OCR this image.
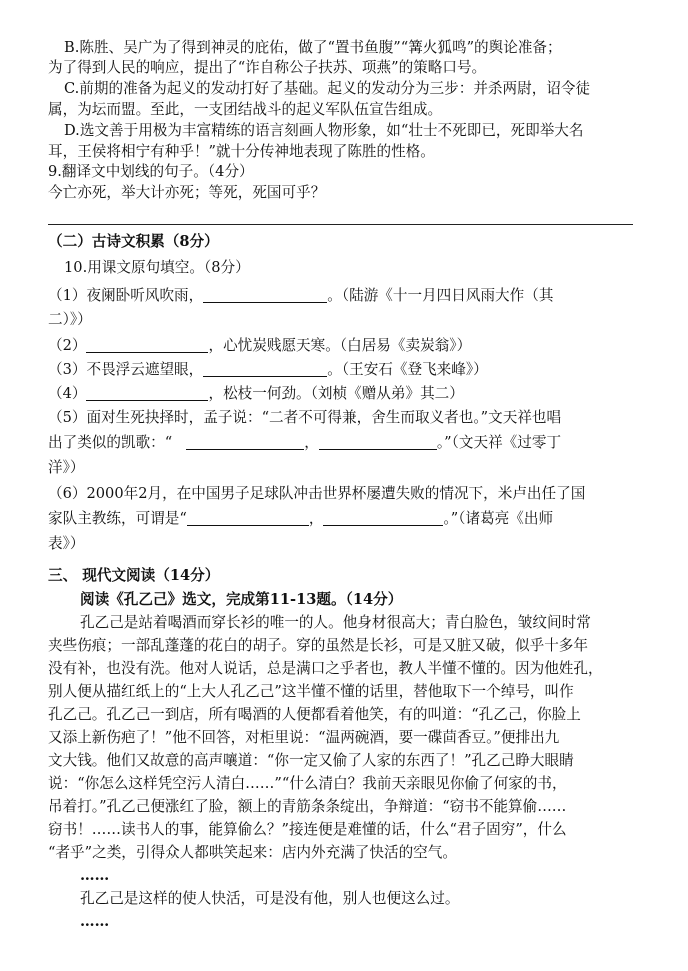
B.陈胜、吴广为了得到神灵的庇佑，做了“置书鱼腹”“篝火狐鸣”的舆论准备；
为了得到人民的响应，提出了“诈自称公子扶苏、项燕”的策略口号。
C.前期的准备为起义的发动打好了基础。起义的发动分为三步：并杀两尉，诏令徒
属，为坛而盟。至此，一支团结战斗的起义军队伍宣告组成。
D.选文善于用极为丰富精练的语言刻画人物形象，如“壮士不死即已，死即举大名
耳，王侯将相宁有种乎！”就十分传神地表现了陈胜的性格。
9.翻译文中划线的句子。（4分）
今亡亦死，举大计亦死；等死，死国可乎？
（二）古诗文积累（8分）
10.用课文原句填空。（8分）
（1）夜阑卧听风吹雨，	。（陆游《十一月四日风雨大作（其
二）》）
（2）	，心忧炭贱愿天寒。（白居易《卖炭翁》）
（3）不畏浮云遮望眼，	。（王安石《登飞来峰》）
（4）	，松枝一何劲。（刘桢《赠从弟》其二）
（5）面对生死抉择时，孟子说：“二者不可得兼，舍生而取义者也。”文天祥也唱
出了类似的凯歌：“	，	。”（文天祥《过零丁
洋》）
（6）2000年2月，在中国男子足球队冲击世界杯屡遭失败的情况下，米卢出任了国
家队主教练，可谓是“	，	。”（诸葛亮《出师
表》）
三、 现代文阅读（14分）
阅读《孔乙己》选文，完成第11-13题。（14分）
孔乙己是站着喝酒而穿长衫的唯一的人。他身材很高大；青白脸色，皱纹间时常
夹些伤痕；一部乱蓬蓬的花白的胡子。穿的虽然是长衫，可是又脏又破，似乎十多年
没有补，也没有洗。他对人说话，总是满口之乎者也，教人半懂不懂的。因为他姓孔，
别人便从描红纸上的“上大人孔乙己”这半懂不懂的话里，替他取下一个绰号，叫作
孔乙己。孔乙己一到店，所有喝酒的人便都看着他笑，有的叫道：“孔乙己，你脸上
又添上新伤疤了！”他不回答，对柜里说：“温两碗酒，要一碟茴香豆。”便排出九
文大钱。他们又故意的高声嚷道：“你一定又偷了人家的东西了！”孔乙己睁大眼睛
说：“你怎么这样凭空污人清白……”“什么清白？我前天亲眼见你偷了何家的书，
吊着打。”孔乙己便涨红了脸，额上的青筋条条绽出，争辩道：“窃书不能算偷……
窃书！……读书人的事，能算偷么？”接连便是难懂的话，什么“君子固穷”，什么
“者乎”之类，引得众人都哄笑起来：店内外充满了快活的空气。
……
孔乙己是这样的使人快活，可是没有他，别人也便这么过。
……
